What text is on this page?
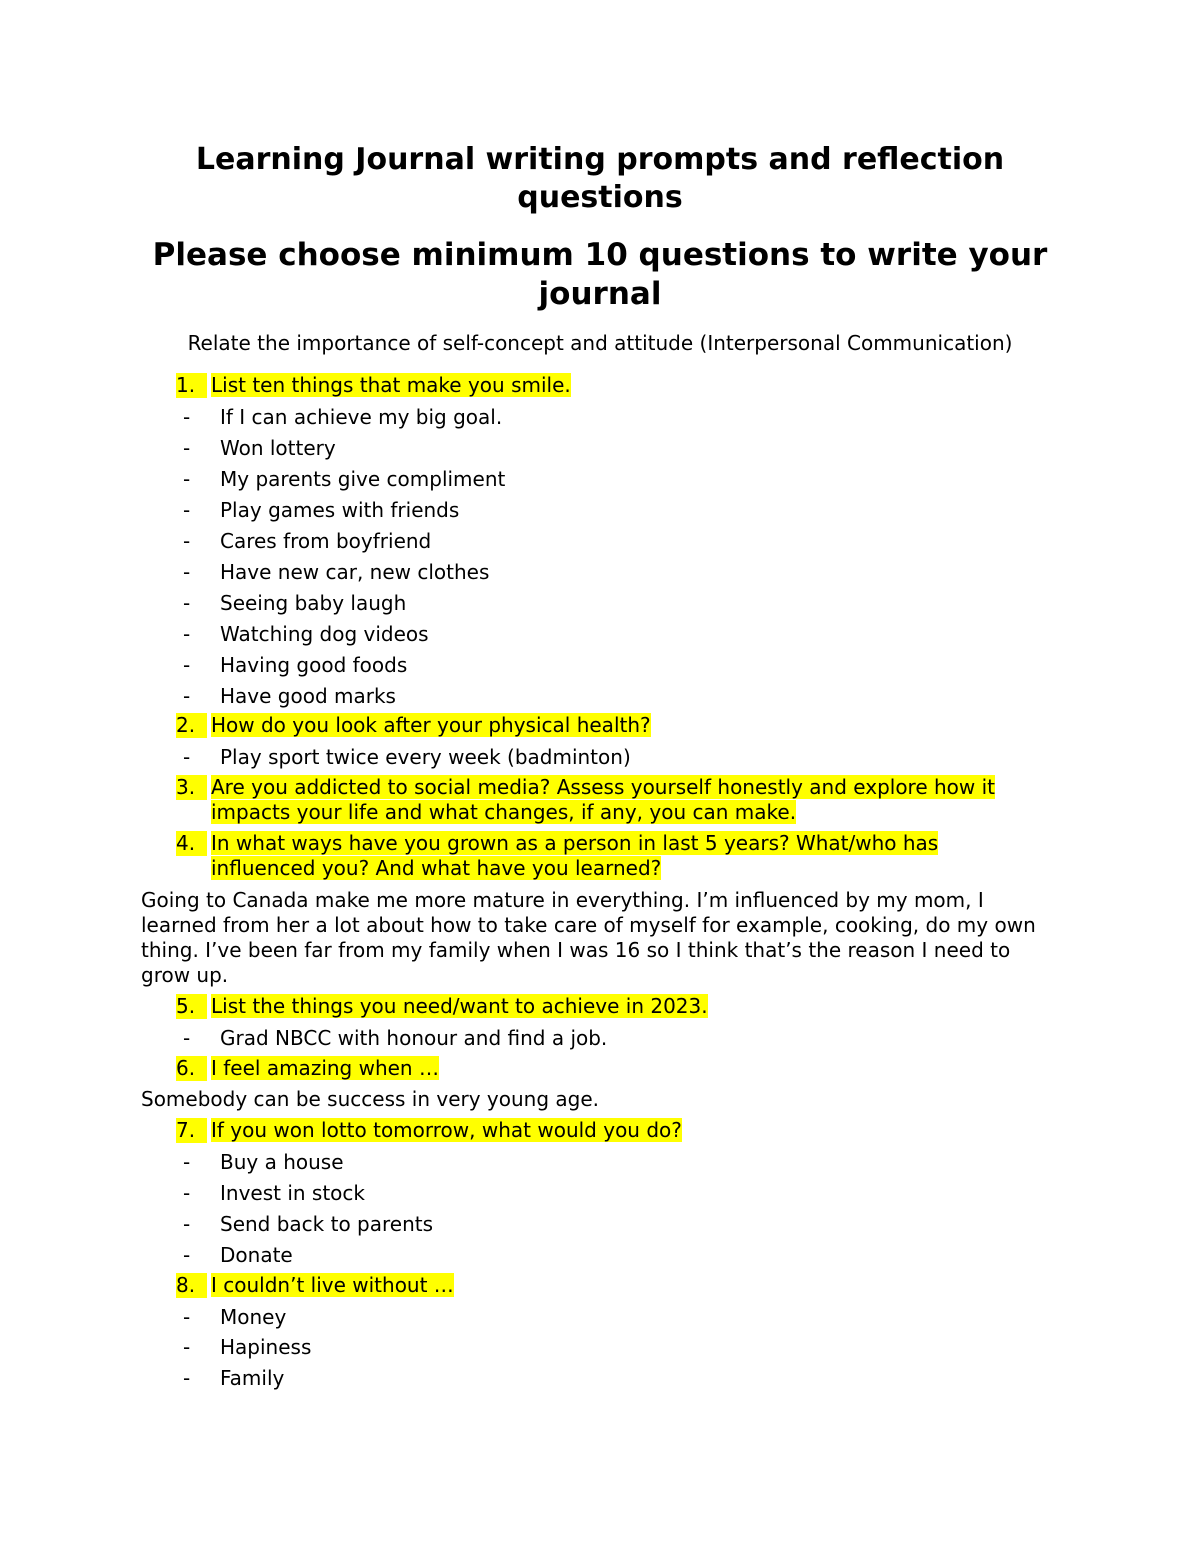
Learning Journal writing prompts and reflection questions
Please choose minimum 10 questions to write your journal
Relate the importance of self-concept and attitude (Interpersonal Communication)
1. List ten things that make you smile.
- If I can achieve my big goal.
- Won lottery
- My parents give compliment
- Play games with friends
- Cares from boyfriend
- Have new car, new clothes
- Seeing baby laugh
- Watching dog videos
- Having good foods
- Have good marks
2. How do you look after your physical health?
- Play sport twice every week (badminton)
3. Are you addicted to social media? Assess yourself honestly and explore how it
impacts your life and what changes, if any, you can make.
4. In what ways have you grown as a person in last 5 years? What/who has
influenced you? And what have you learned?
Going to Canada make me more mature in everything. I’m influenced by my mom, I learned from her a lot about how to take care of myself for example, cooking, do my own thing. I’ve been far from my family when I was 16 so I think that’s the reason I need to grow up.
5. List the things you need/want to achieve in 2023.
- Grad NBCC with honour and find a job.
6. I feel amazing when …
Somebody can be success in very young age.
7. If you won lotto tomorrow, what would you do?
- Buy a house
- Invest in stock
- Send back to parents
- Donate
8. I couldn’t live without …
- Money
- Hapiness
- Family
